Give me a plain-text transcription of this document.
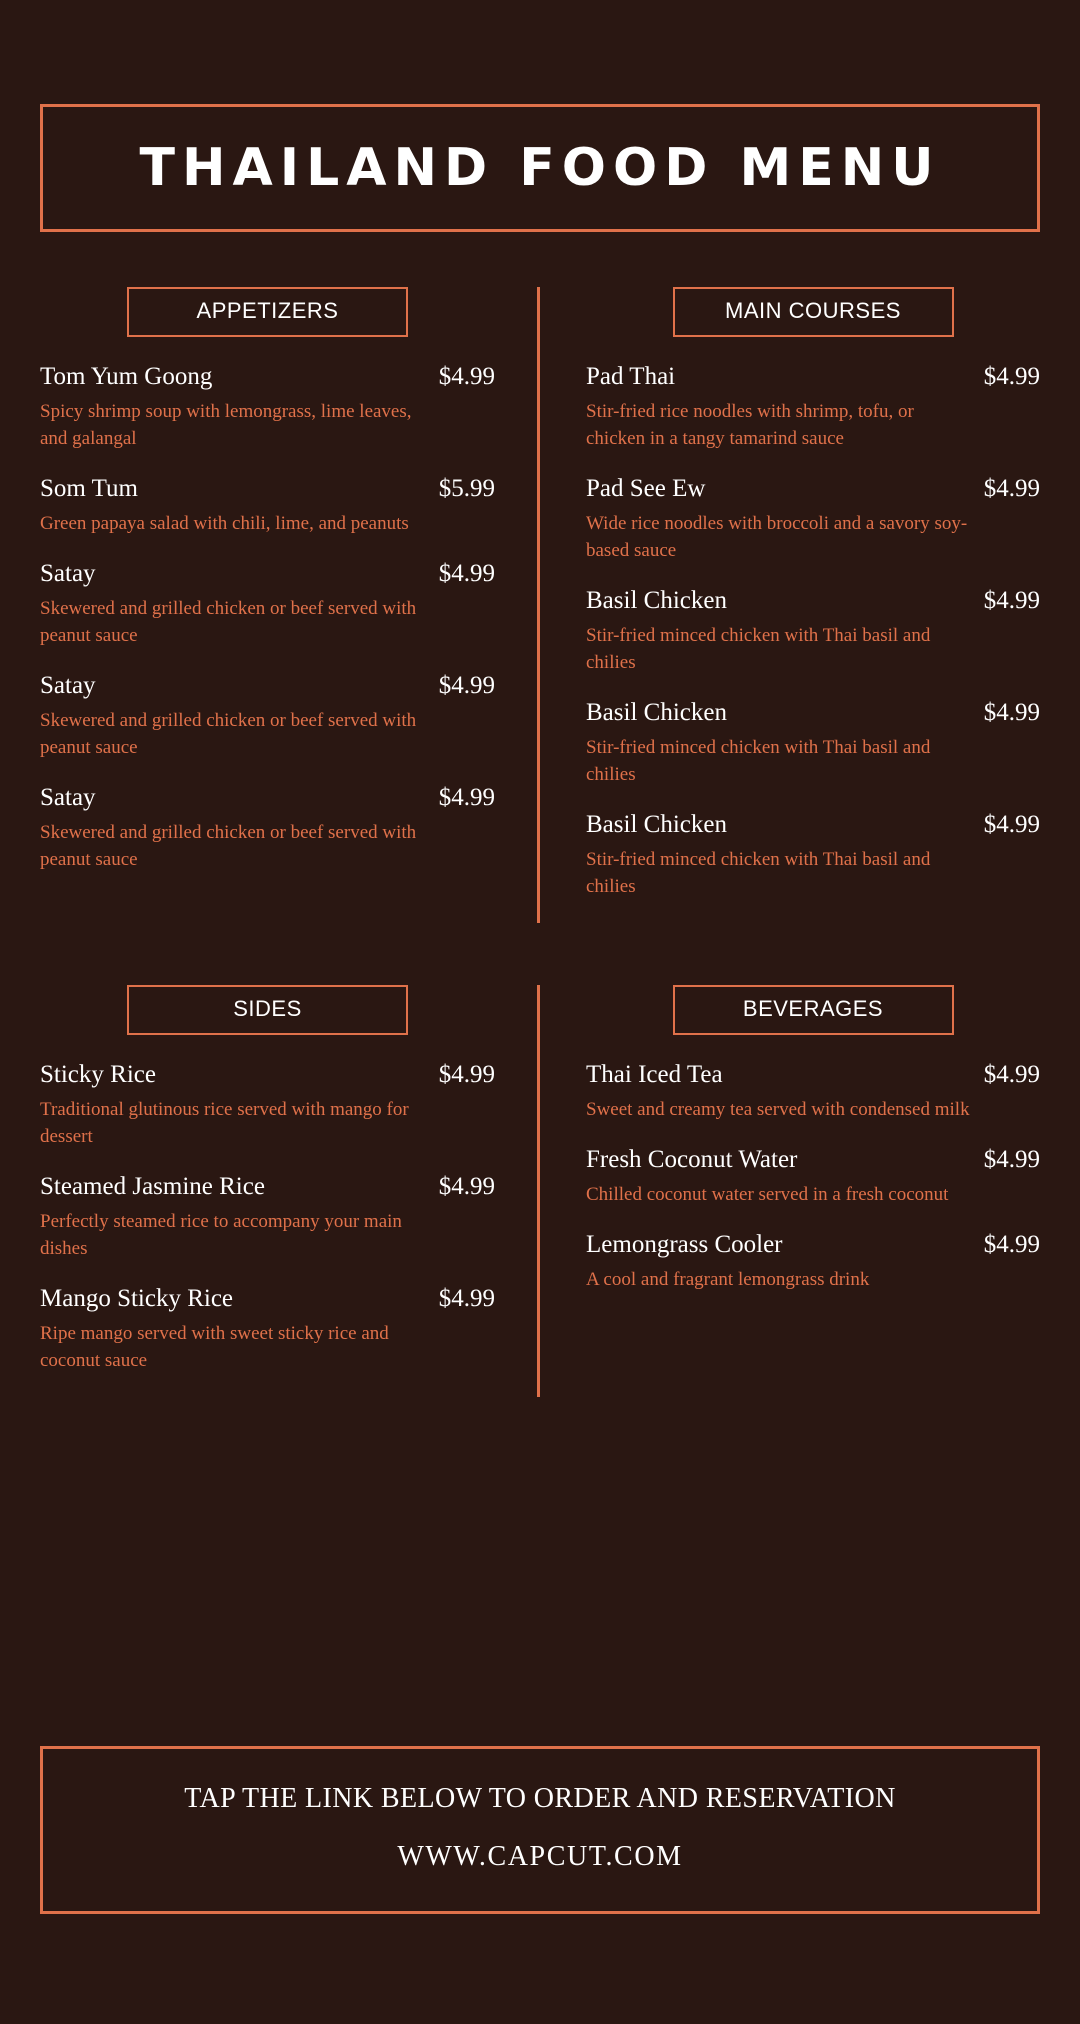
THAILAND FOOD MENU
APPETIZERS
Tom Yum Goong	$4.99
Spicy shrimp soup with lemongrass, lime leaves, and galangal
Som Tum	$5.99
Green papaya salad with chili, lime, and peanuts
Satay	$4.99
Skewered and grilled chicken or beef served with peanut sauce
Satay	$4.99
Skewered and grilled chicken or beef served with peanut sauce
Satay	$4.99
Skewered and grilled chicken or beef served with peanut sauce
MAIN COURSES
Pad Thai	$4.99
Stir-fried rice noodles with shrimp, tofu, or chicken in a tangy tamarind sauce
Pad See Ew	$4.99
Wide rice noodles with broccoli and a savory soy-based sauce
Basil Chicken	$4.99
Stir-fried minced chicken with Thai basil and chilies
Basil Chicken	$4.99
Stir-fried minced chicken with Thai basil and chilies
Basil Chicken	$4.99
Stir-fried minced chicken with Thai basil and chilies
SIDES
Sticky Rice	$4.99
Traditional glutinous rice served with mango for dessert
Steamed Jasmine Rice	$4.99
Perfectly steamed rice to accompany your main dishes
Mango Sticky Rice	$4.99
Ripe mango served with sweet sticky rice and coconut sauce
BEVERAGES
Thai Iced Tea	$4.99
Sweet and creamy tea served with condensed milk
Fresh Coconut Water	$4.99
Chilled coconut water served in a fresh coconut
Lemongrass Cooler	$4.99
A cool and fragrant lemongrass drink
TAP THE LINK BELOW TO ORDER AND RESERVATION
WWW.CAPCUT.COM
